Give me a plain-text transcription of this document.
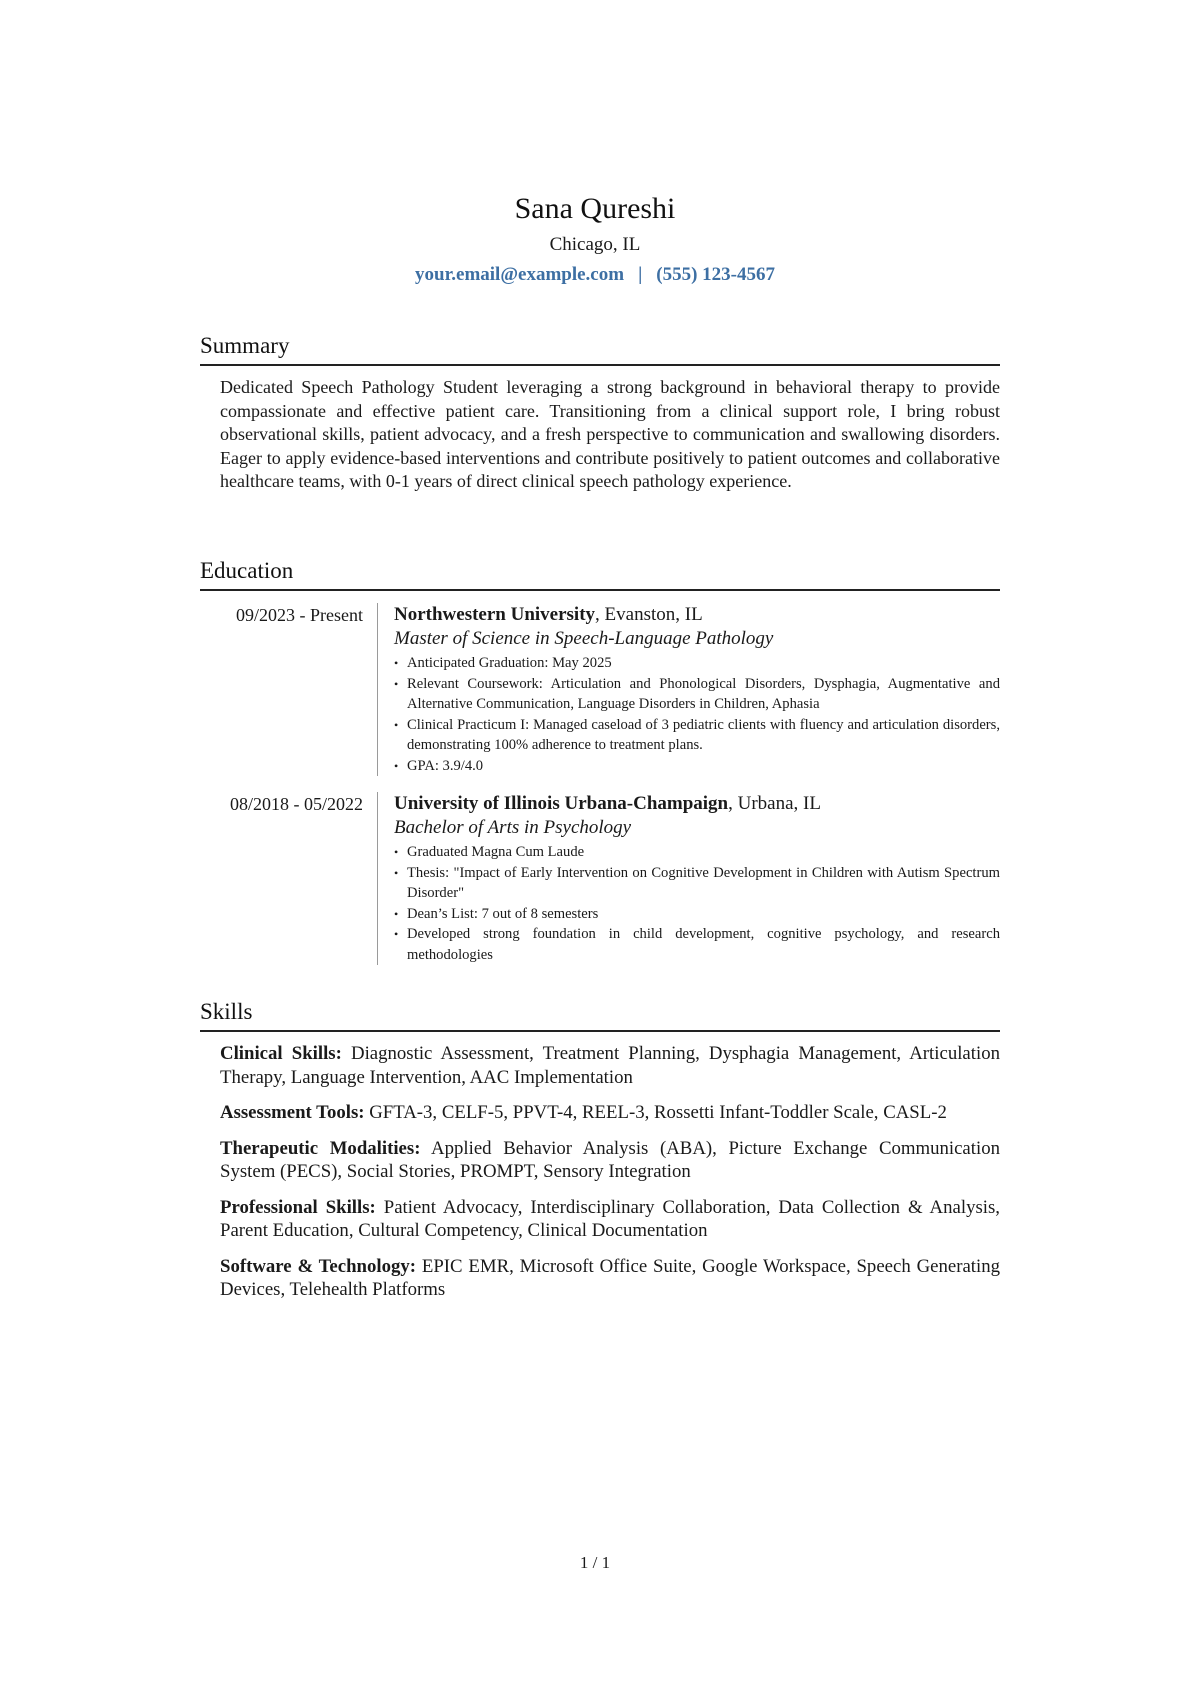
Sana Qureshi
Chicago, IL
your.email@example.com | (555) 123-4567
Summary
Dedicated Speech Pathology Student leveraging a strong background in behavioral therapy to provide compassionate and effective patient care. Transitioning from a clinical support role, I bring robust observational skills, patient advocacy, and a fresh perspective to communication and swallowing disorders. Eager to apply evidence-based interventions and contribute positively to patient outcomes and collaborative healthcare teams, with 0-1 years of direct clinical speech pathology experience.
Education
09/2023 - Present	Northwestern University, Evanston, IL
Master of Science in Speech-Language Pathology
• Anticipated Graduation: May 2025
• Relevant Coursework: Articulation and Phonological Disorders, Dysphagia, Augmentative and Alternative Communication, Language Disorders in Children, Aphasia
• Clinical Practicum I: Managed caseload of 3 pediatric clients with fluency and articulation disorders, demonstrating 100% adherence to treatment plans.
• GPA: 3.9/4.0
08/2018 - 05/2022	University of Illinois Urbana-Champaign, Urbana, IL
Bachelor of Arts in Psychology
• Graduated Magna Cum Laude
• Thesis: "Impact of Early Intervention on Cognitive Development in Children with Autism Spectrum Disorder"
• Dean’s List: 7 out of 8 semesters
• Developed strong foundation in child development, cognitive psychology, and research methodologies
Skills
Clinical Skills: Diagnostic Assessment, Treatment Planning, Dysphagia Management, Articulation Therapy, Language Intervention, AAC Implementation
Assessment Tools: GFTA-3, CELF-5, PPVT-4, REEL-3, Rossetti Infant-Toddler Scale, CASL-2
Therapeutic Modalities: Applied Behavior Analysis (ABA), Picture Exchange Communication System (PECS), Social Stories, PROMPT, Sensory Integration
Professional Skills: Patient Advocacy, Interdisciplinary Collaboration, Data Collection & Analysis, Parent Education, Cultural Competency, Clinical Documentation
Software & Technology: EPIC EMR, Microsoft Office Suite, Google Workspace, Speech Generating Devices, Telehealth Platforms
1 / 1
